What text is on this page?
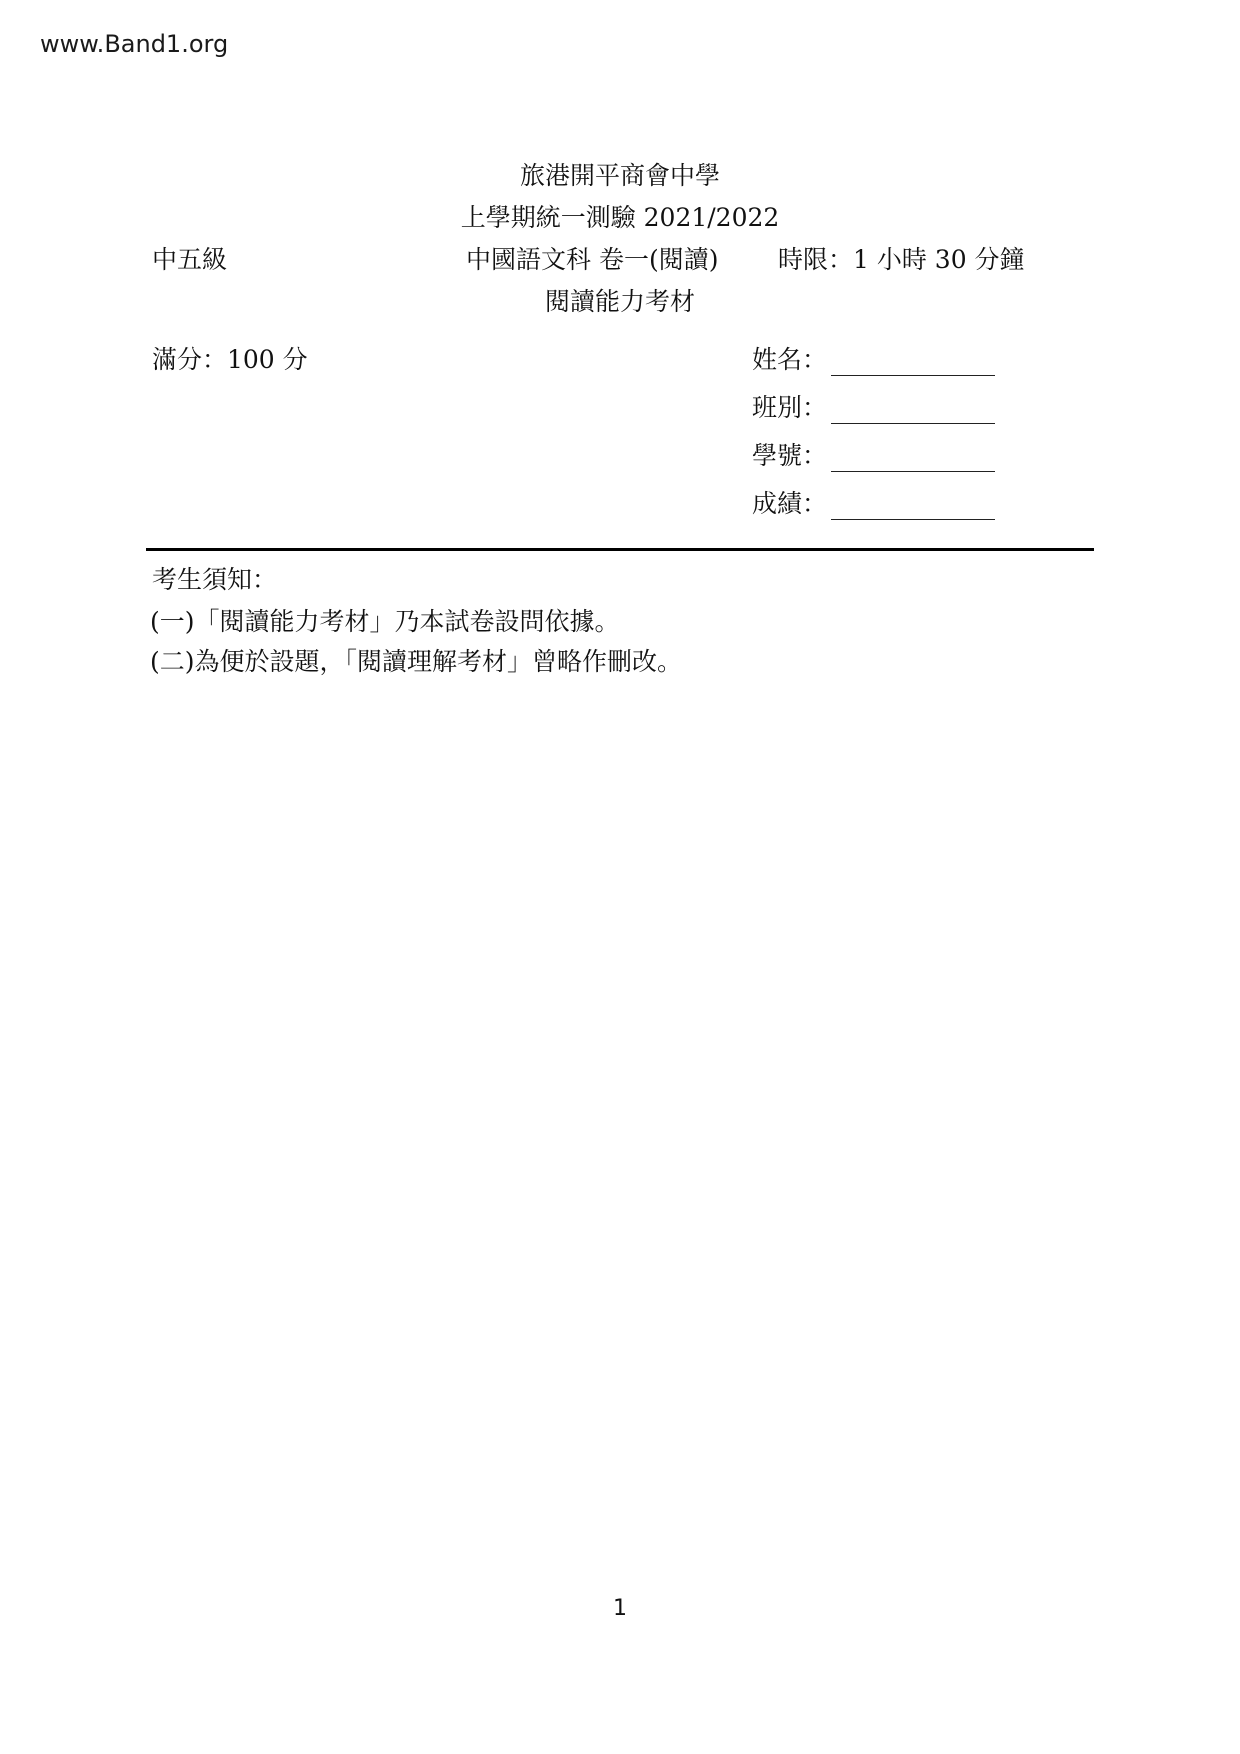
www.Band1.org
旅港開平商會中學
上學期統一測驗 2021/2022
中五級	中國語文科 卷一(閱讀) 時限：1 小時 30 分鐘
閱讀能力考材
滿分：100 分	姓名：
班別：
學號：
成績：
考生須知：
(一)「閱讀能力考材」乃本試卷設問依據。
(二)為便於設題，「閱讀理解考材」曾略作刪改。
1
